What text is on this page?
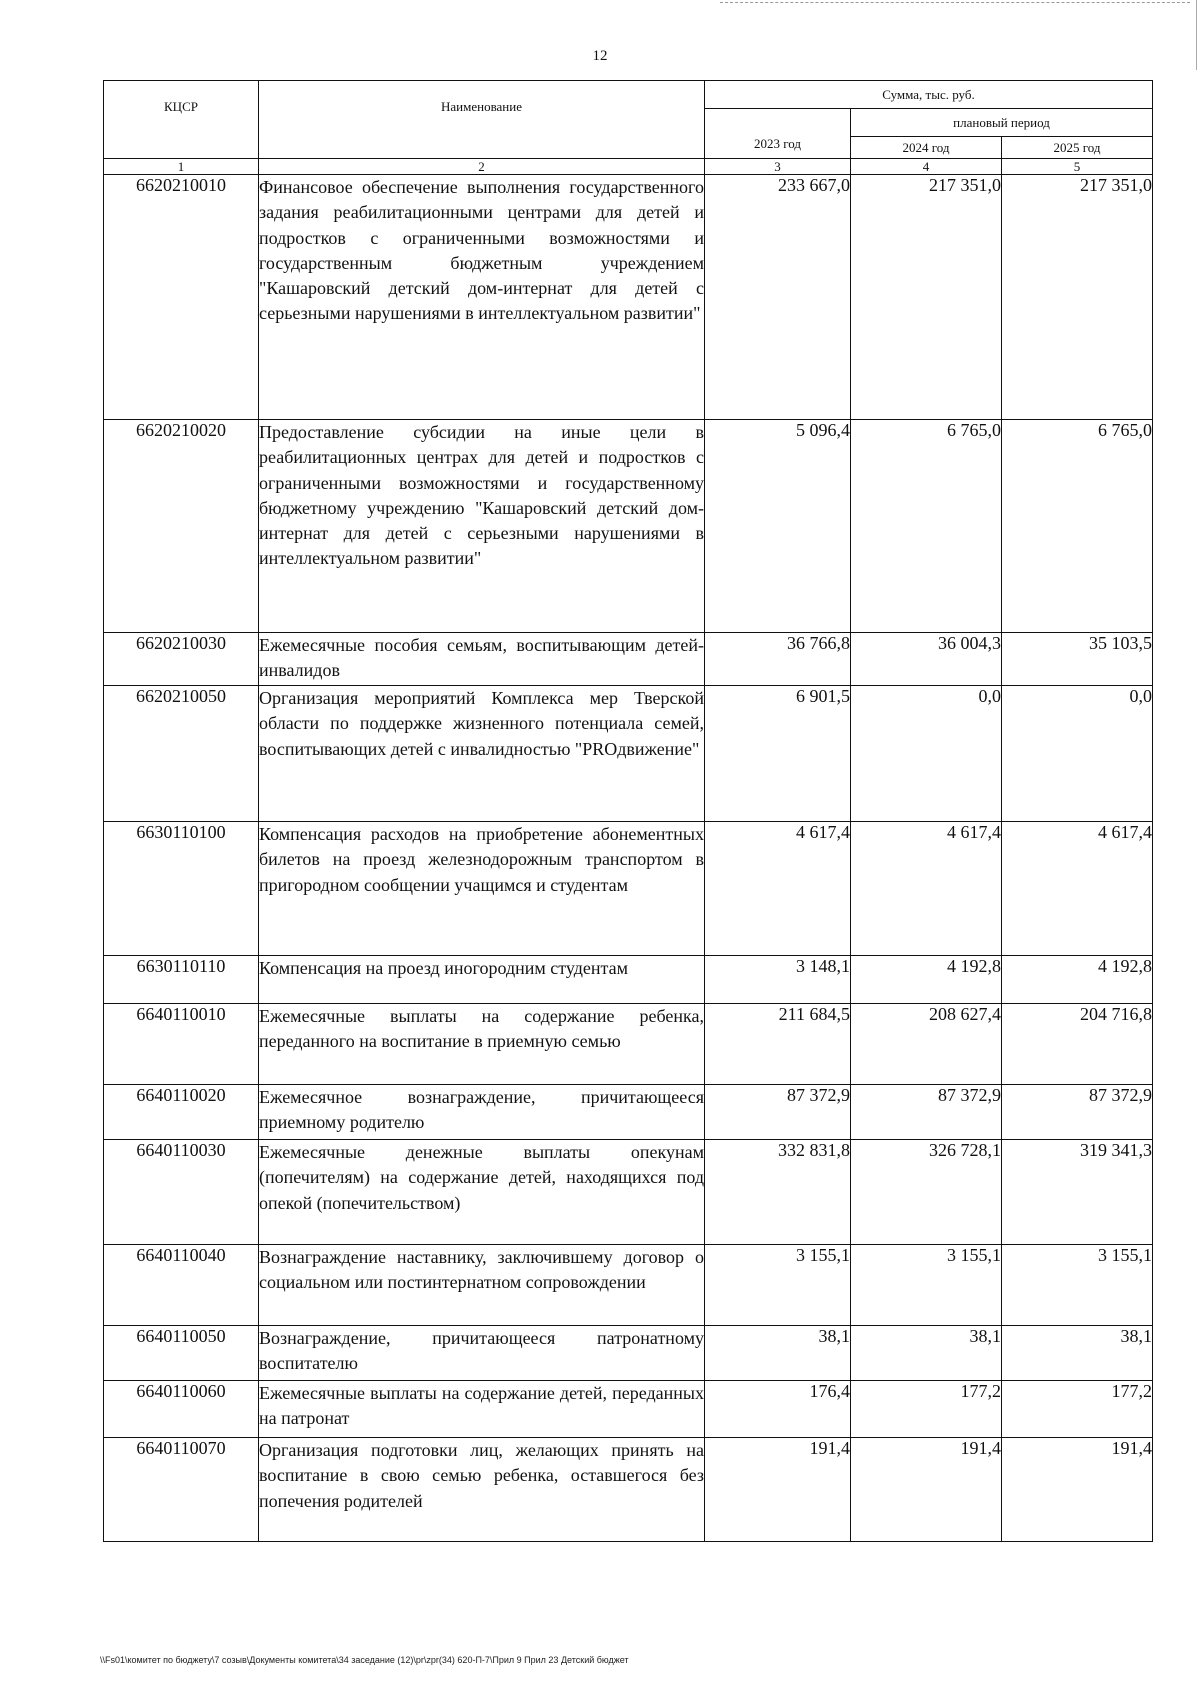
12
КЦСР	Наименование	Сумма, тыс. руб.		
		2023 год	плановый период	
			2024 год	2025 год
1	2	3	4	5
6620210010	Финансовое обеспечение выполнения государственного задания реабилитационными центрами для детей и подростков с ограниченными возможностями и государственным бюджетным учреждением "Кашаровский детский дом-интернат для детей с серьезными нарушениями в интеллектуальном развитии"	233 667,0	217 351,0	217 351,0
6620210020	Предоставление субсидии на иные цели в реабилитационных центрах для детей и подростков с ограниченными возможностями и государственному бюджетному учреждению "Кашаровский детский дом-интернат для детей с серьезными нарушениями в интеллектуальном развитии"	5 096,4	6 765,0	6 765,0
6620210030	Ежемесячные пособия семьям, воспитывающим детей-инвалидов	36 766,8	36 004,3	35 103,5
6620210050	Организация мероприятий Комплекса мер Тверской области по поддержке жизненного потенциала семей, воспитывающих детей с инвалидностью "PROдвижение"	6 901,5	0,0	0,0
6630110100	Компенсация расходов на приобретение абонементных билетов на проезд железнодорожным транспортом в пригородном сообщении учащимся и студентам	4 617,4	4 617,4	4 617,4
6630110110	Компенсация на проезд иногородним студентам	3 148,1	4 192,8	4 192,8
6640110010	Ежемесячные выплаты на содержание ребенка, переданного на воспитание в приемную семью	211 684,5	208 627,4	204 716,8
6640110020	Ежемесячное вознаграждение, причитающееся приемному родителю	87 372,9	87 372,9	87 372,9
6640110030	Ежемесячные денежные выплаты опекунам (попечителям) на содержание детей, находящихся под опекой (попечительством)	332 831,8	326 728,1	319 341,3
6640110040	Вознаграждение наставнику, заключившему договор о социальном или постинтернатном сопровождении	3 155,1	3 155,1	3 155,1
6640110050	Вознаграждение, причитающееся патронатному воспитателю	38,1	38,1	38,1
6640110060	Ежемесячные выплаты на содержание детей, переданных на патронат	176,4	177,2	177,2
6640110070	Организация подготовки лиц, желающих принять на воспитание в свою семью ребенка, оставшегося без попечения родителей	191,4	191,4	191,4
\\Fs01\комитет по бюджету\7 созыв\Документы комитета\34 заседание (12)\pr\zpr(34) 620-П-7\Прил 9 Прил 23 Детский бюджет
